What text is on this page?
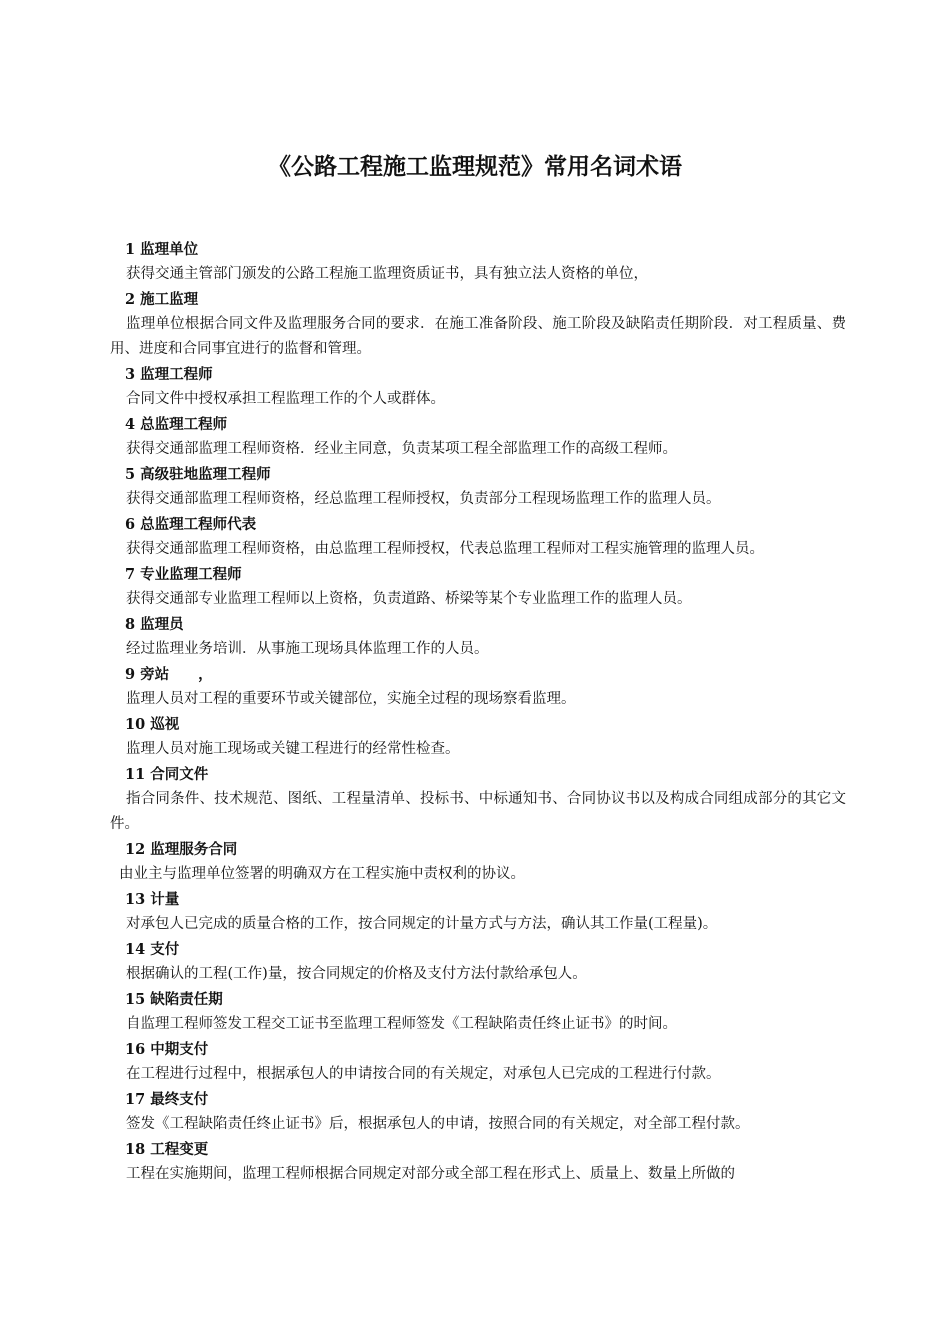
《公路工程施工监理规范》常用名词术语
1 监理单位
获得交通主管部门颁发的公路工程施工监理资质证书，具有独立法人资格的单位，
2 施工监理
监理单位根据合同文件及监理服务合同的要求．在施工准备阶段、施工阶段及缺陷责任期阶段．对工程质量、费用、进度和合同事宜进行的监督和管理。
3 监理工程师
合同文件中授权承担工程监理工作的个人或群体。
4 总监理工程师
获得交通部监理工程师资格．经业主同意，负责某项工程全部监理工作的高级工程师。
5 高级驻地监理工程师
获得交通部监理工程师资格，经总监理工程师授权，负责部分工程现场监理工作的监理人员。
6 总监理工程师代表
获得交通部监理工程师资格，由总监理工程师授权，代表总监理工程师对工程实施管理的监理人员。
7 专业监理工程师
获得交通部专业监理工程师以上资格，负责道路、桥梁等某个专业监理工作的监理人员。
8 监理员
经过监理业务培训．从事施工现场具体监理工作的人员。
9 旁站　　，
监理人员对工程的重要环节或关键部位，实施全过程的现场察看监理。
10 巡视
监理人员对施工现场或关键工程进行的经常性检查。
11 合同文件
指合同条件、技术规范、图纸、工程量清单、投标书、中标通知书、合同协议书以及构成合同组成部分的其它文件。
12 监理服务合同
由业主与监理单位签署的明确双方在工程实施中责权利的协议。
13 计量
对承包人已完成的质量合格的工作，按合同规定的计量方式与方法，确认其工作量(工程量)。
14 支付
根据确认的工程(工作)量，按合同规定的价格及支付方法付款给承包人。
15 缺陷责任期
自监理工程师签发工程交工证书至监理工程师签发《工程缺陷责任终止证书》的时间。
16 中期支付
在工程进行过程中，根据承包人的申请按合同的有关规定，对承包人已完成的工程进行付款。
17 最终支付
签发《工程缺陷责任终止证书》后，根据承包人的申请，按照合同的有关规定，对全部工程付款。
18 工程变更
工程在实施期间，监理工程师根据合同规定对部分或全部工程在形式上、质量上、数量上所做的
